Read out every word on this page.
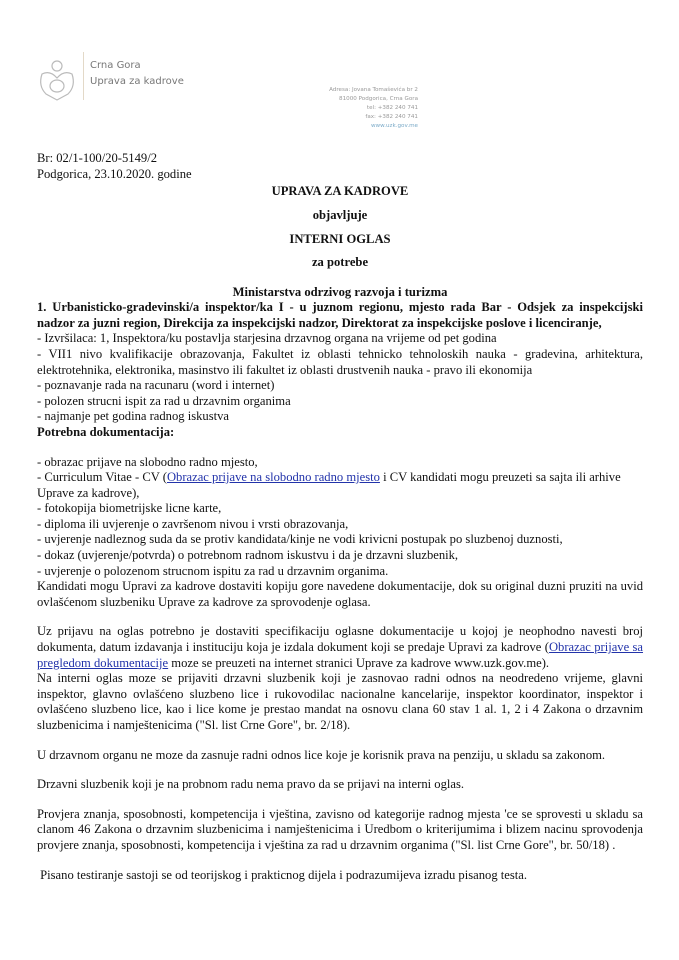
Crna Gora
Uprava za kadrove
Adresa: Jovana Tomaševića br 2
81000 Podgorica, Crna Gora
tel: +382 240 741
fax: +382 240 741
www.uzk.gov.me
Br: 02/1-100/20-5149/2
Podgorica, 23.10.2020. godine
UPRAVA ZA KADROVE
objavljuje
INTERNI OGLAS
za potrebe
Ministarstva odrzivog razvoja i turizma
1. Urbanisticko-gradevinski/a inspektor/ka I - u juznom regionu, mjesto rada Bar - Odsjek za inspekcijski nadzor za juzni region, Direkcija za inspekcijski nadzor, Direktorat za inspekcijske poslove i licenciranje,
- Izvršilaca: 1, Inspektora/ku postavlja starjesina drzavnog organa na vrijeme od pet godina
- VII1 nivo kvalifikacije obrazovanja, Fakultet iz oblasti tehnicko tehnoloskih nauka - gradevina, arhitektura, elektrotehnika, elektronika, masinstvo ili fakultet iz oblasti drustvenih nauka - pravo ili ekonomija
- poznavanje rada na racunaru (word i internet)
- polozen strucni ispit za rad u drzavnim organima
- najmanje pet godina radnog iskustva
Potrebna dokumentacija:
- obrazac prijave na slobodno radno mjesto,
- Curriculum Vitae - CV (Obrazac prijave na slobodno radno mjesto i CV kandidati mogu preuzeti sa sajta ili arhive Uprave za kadrove),
- fotokopija biometrijske licne karte,
- diploma ili uvjerenje o završenom nivou i vrsti obrazovanja,
- uvjerenje nadleznog suda da se protiv kandidata/kinje ne vodi krivicni postupak po sluzbenoj duznosti,
- dokaz (uvjerenje/potvrda) o potrebnom radnom iskustvu i da je drzavni sluzbenik,
- uvjerenje o polozenom strucnom ispitu za rad u drzavnim organima.
Kandidati mogu Upravi za kadrove dostaviti kopiju gore navedene dokumentacije, dok su original duzni pruziti na uvid ovlašćenom sluzbeniku Uprave za kadrove za sprovodenje oglasa.
Uz prijavu na oglas potrebno je dostaviti specifikaciju oglasne dokumentacije u kojoj je neophodno navesti broj dokumenta, datum izdavanja i instituciju koja je izdala dokument koji se predaje Upravi za kadrove (Obrazac prijave sa pregledom dokumentacije moze se preuzeti na internet stranici Uprave za kadrove www.uzk.gov.me).
Na interni oglas moze se prijaviti drzavni sluzbenik koji je zasnovao radni odnos na neodredeno vrijeme, glavni inspektor, glavno ovlašćeno sluzbeno lice i rukovodilac nacionalne kancelarije, inspektor koordinator, inspektor i ovlašćeno sluzbeno lice, kao i lice kome je prestao mandat na osnovu clana 60 stav 1 al. 1, 2 i 4 Zakona o drzavnim sluzbenicima i namještenicima ("Sl. list Crne Gore", br. 2/18).
U drzavnom organu ne moze da zasnuje radni odnos lice koje je korisnik prava na penziju, u skladu sa zakonom.
Drzavni sluzbenik koji je na probnom radu nema pravo da se prijavi na interni oglas.
Provjera znanja, sposobnosti, kompetencija i vještina, zavisno od kategorije radnog mjesta 'ce se sprovesti u skladu sa clanom 46 Zakona o drzavnim sluzbenicima i namještenicima i Uredbom o kriterijumima i blizem nacinu sprovodenja provjere znanja, sposobnosti, kompetencija i vještina za rad u drzavnim organima ("Sl. list Crne Gore", br. 50/18) .
Pisano testiranje sastoji se od teorijskog i prakticnog dijela i podrazumijeva izradu pisanog testa.
